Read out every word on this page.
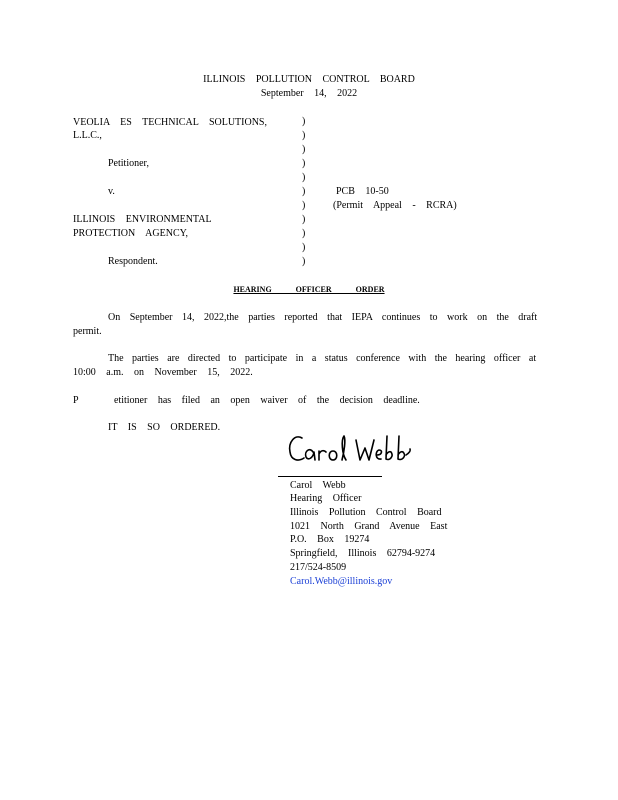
ILLINOIS POLLUTION CONTROL BOARD
September 14, 2022
VEOLIA ES TECHNICAL SOLUTIONS,
L.L.C.,
Petitioner,
v.
ILLINOIS ENVIRONMENTAL
PROTECTION AGENCY,
Respondent.
)
)
)
)
)
)
)
)
)
)
)
PCB 10-50
(Permit Appeal - RCRA)
HEARING OFFICER ORDER
On September 14, 2022,the parties reported that IEPA continues to work on the draft
permit.
The parties are directed to participate in a status conference with the hearing officer at
10:00 a.m. on November 15, 2022.
P	etitioner has filed an open waiver of the decision deadline.
IT IS SO ORDERED.
Carol Webb
Hearing Officer
Illinois Pollution Control Board
1021 North Grand Avenue East
P.O. Box 19274
Springfield, Illinois 62794-9274
217/524-8509
Carol.Webb@illinois.gov
